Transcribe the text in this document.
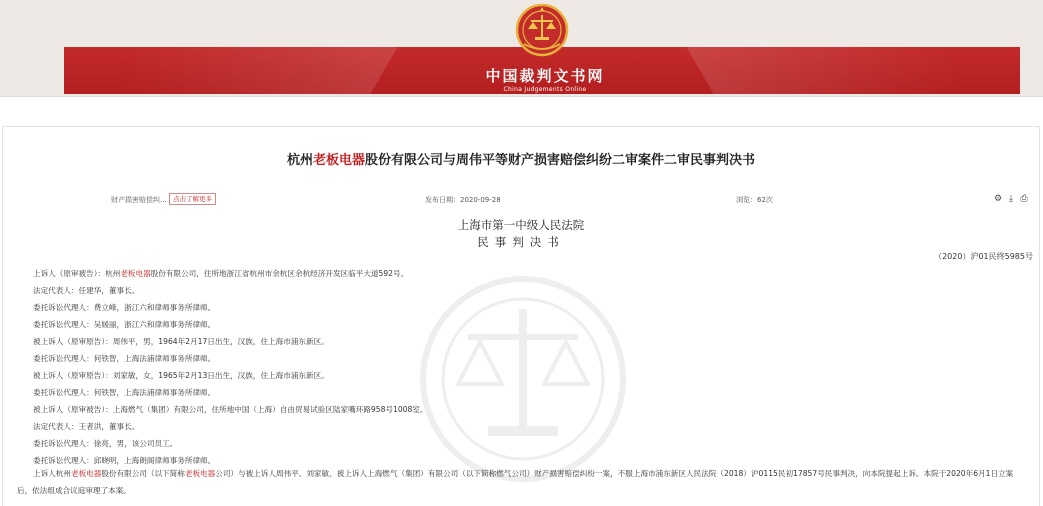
中国裁判文书网
China Judgements Online
杭州老板电器股份有限公司与周伟平等财产损害赔偿纠纷二审案件二审民事判决书
财产损害赔偿纠... 点击了解更多	发布日期：2020-09-28	浏览：62次	⚙ ⤓ ⎙
上海市第一中级人民法院
民事判决书
（2020）沪01民终5985号
上诉人（原审被告）：杭州老板电器股份有限公司，住所地浙江省杭州市余杭区余杭经济开发区临平大道592号。
法定代表人：任建华，董事长。
委托诉讼代理人：费立峰，浙江六和律师事务所律师。
委托诉讼代理人：吴媛丽，浙江六和律师事务所律师。
被上诉人（原审原告）：周伟平，男，1964年2月17日出生，汉族，住上海市浦东新区。
委托诉讼代理人：何铁智，上海法浦律师事务所律师。
被上诉人（原审原告）：刘家敏，女，1965年2月13日出生，汉族，住上海市浦东新区。
委托诉讼代理人：何铁智，上海法浦律师事务所律师。
被上诉人（原审被告）：上海燃气（集团）有限公司，住所地中国（上海）自由贸易试验区陆家嘴环路958号1008室。
法定代表人：王者洪，董事长。
委托诉讼代理人：徐亮，男，该公司员工。
委托诉讼代理人：邱晓明，上海朗阁律师事务所律师。
上诉人杭州老板电器股份有限公司（以下简称老板电器公司）与被上诉人周伟平、刘家敏、被上诉人上海燃气（集团）有限公司（以下简称燃气公司）财产损害赔偿纠纷一案，不服上海市浦东新区人民法院（2018）沪0115民初17857号民事判决，向本院提起上诉。本院于2020年6月1日立案后，依法组成合议庭审理了本案。
